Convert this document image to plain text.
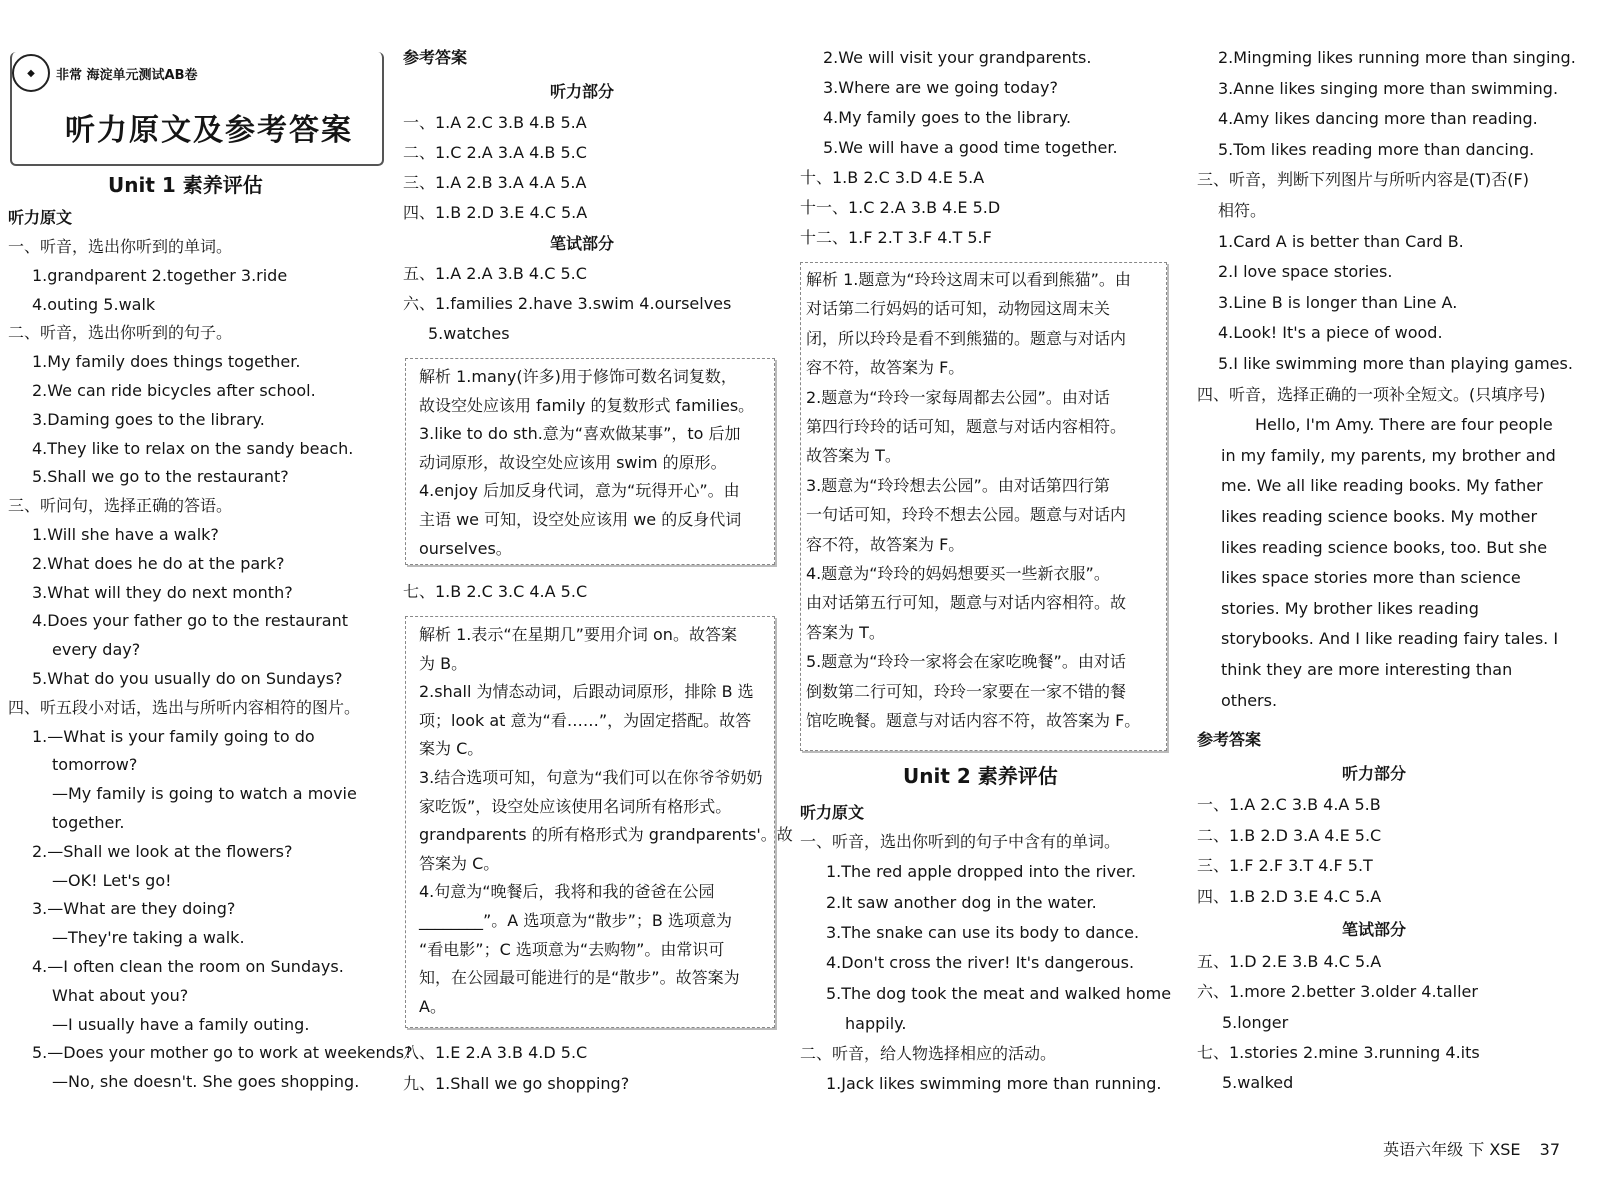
◆	非常 海淀单元测试AB卷
听力原文及参考答案
Unit 1 素养评估
听力原文
一、听音，选出你听到的单词。
1.grandparent 2.together 3.ride
4.outing 5.walk
二、听音，选出你听到的句子。
1.My family does things together.
2.We can ride bicycles after school.
3.Daming goes to the library.
4.They like to relax on the sandy beach.
5.Shall we go to the restaurant?
三、听问句，选择正确的答语。
1.Will she have a walk?
2.What does he do at the park?
3.What will they do next month?
4.Does your father go to the restaurant
every day?
5.What do you usually do on Sundays?
四、听五段小对话，选出与所听内容相符的图片。
1.—What is your family going to do
tomorrow?
—My family is going to watch a movie
together.
2.—Shall we look at the flowers?
—OK! Let's go!
3.—What are they doing?
—They're taking a walk.
4.—I often clean the room on Sundays.
What about you?
—I usually have a family outing.
5.—Does your mother go to work at weekends?
—No, she doesn't. She goes shopping.
参考答案
听力部分
一、1.A 2.C 3.B 4.B 5.A
二、1.C 2.A 3.A 4.B 5.C
三、1.A 2.B 3.A 4.A 5.A
四、1.B 2.D 3.E 4.C 5.A
笔试部分
五、1.A 2.A 3.B 4.C 5.C
六、1.families 2.have 3.swim 4.ourselves
5.watches
解析 1.many(许多)用于修饰可数名词复数，
故设空处应该用 family 的复数形式 families。
3.like to do sth.意为“喜欢做某事”，to 后加
动词原形，故设空处应该用 swim 的原形。
4.enjoy 后加反身代词，意为“玩得开心”。由
主语 we 可知，设空处应该用 we 的反身代词
ourselves。
七、1.B 2.C 3.C 4.A 5.C
解析 1.表示“在星期几”要用介词 on。故答案
为 B。
2.shall 为情态动词，后跟动词原形，排除 B 选
项；look at 意为“看……”，为固定搭配。故答
案为 C。
3.结合选项可知，句意为“我们可以在你爷爷奶奶
家吃饭”，设空处应该使用名词所有格形式。
grandparents 的所有格形式为 grandparents'。故
答案为 C。
4.句意为“晚餐后，我将和我的爸爸在公园
________”。A 选项意为“散步”；B 选项意为
“看电影”；C 选项意为“去购物”。由常识可
知，在公园最可能进行的是“散步”。故答案为
A。
八、1.E 2.A 3.B 4.D 5.C
九、1.Shall we go shopping?
2.We will visit your grandparents.
3.Where are we going today?
4.My family goes to the library.
5.We will have a good time together.
十、1.B 2.C 3.D 4.E 5.A
十一、1.C 2.A 3.B 4.E 5.D
十二、1.F 2.T 3.F 4.T 5.F
解析 1.题意为“玲玲这周末可以看到熊猫”。由
对话第二行妈妈的话可知，动物园这周末关
闭，所以玲玲是看不到熊猫的。题意与对话内
容不符，故答案为 F。
2.题意为“玲玲一家每周都去公园”。由对话
第四行玲玲的话可知，题意与对话内容相符。
故答案为 T。
3.题意为“玲玲想去公园”。由对话第四行第
一句话可知，玲玲不想去公园。题意与对话内
容不符，故答案为 F。
4.题意为“玲玲的妈妈想要买一些新衣服”。
由对话第五行可知，题意与对话内容相符。故
答案为 T。
5.题意为“玲玲一家将会在家吃晚餐”。由对话
倒数第二行可知，玲玲一家要在一家不错的餐
馆吃晚餐。题意与对话内容不符，故答案为 F。
Unit 2 素养评估
听力原文
一、听音，选出你听到的句子中含有的单词。
1.The red apple dropped into the river.
2.It saw another dog in the water.
3.The snake can use its body to dance.
4.Don't cross the river! It's dangerous.
5.The dog took the meat and walked home
happily.
二、听音，给人物选择相应的活动。
1.Jack likes swimming more than running.
2.Mingming likes running more than singing.
3.Anne likes singing more than swimming.
4.Amy likes dancing more than reading.
5.Tom likes reading more than dancing.
三、听音，判断下列图片与所听内容是(T)否(F)
相符。
1.Card A is better than Card B.
2.I love space stories.
3.Line B is longer than Line A.
4.Look! It's a piece of wood.
5.I like swimming more than playing games.
四、听音，选择正确的一项补全短文。(只填序号)
Hello, I'm Amy. There are four people
in my family, my parents, my brother and
me. We all like reading books. My father
likes reading science books. My mother
likes reading science books, too. But she
likes space stories more than science
stories. My brother likes reading
storybooks. And I like reading fairy tales. I
think they are more interesting than
others.
参考答案
听力部分
一、1.A 2.C 3.B 4.A 5.B
二、1.B 2.D 3.A 4.E 5.C
三、1.F 2.F 3.T 4.F 5.T
四、1.B 2.D 3.E 4.C 5.A
笔试部分
五、1.D 2.E 3.B 4.C 5.A
六、1.more 2.better 3.older 4.taller
5.longer
七、1.stories 2.mine 3.running 4.its
5.walked
英语六年级 下 XSE 37
